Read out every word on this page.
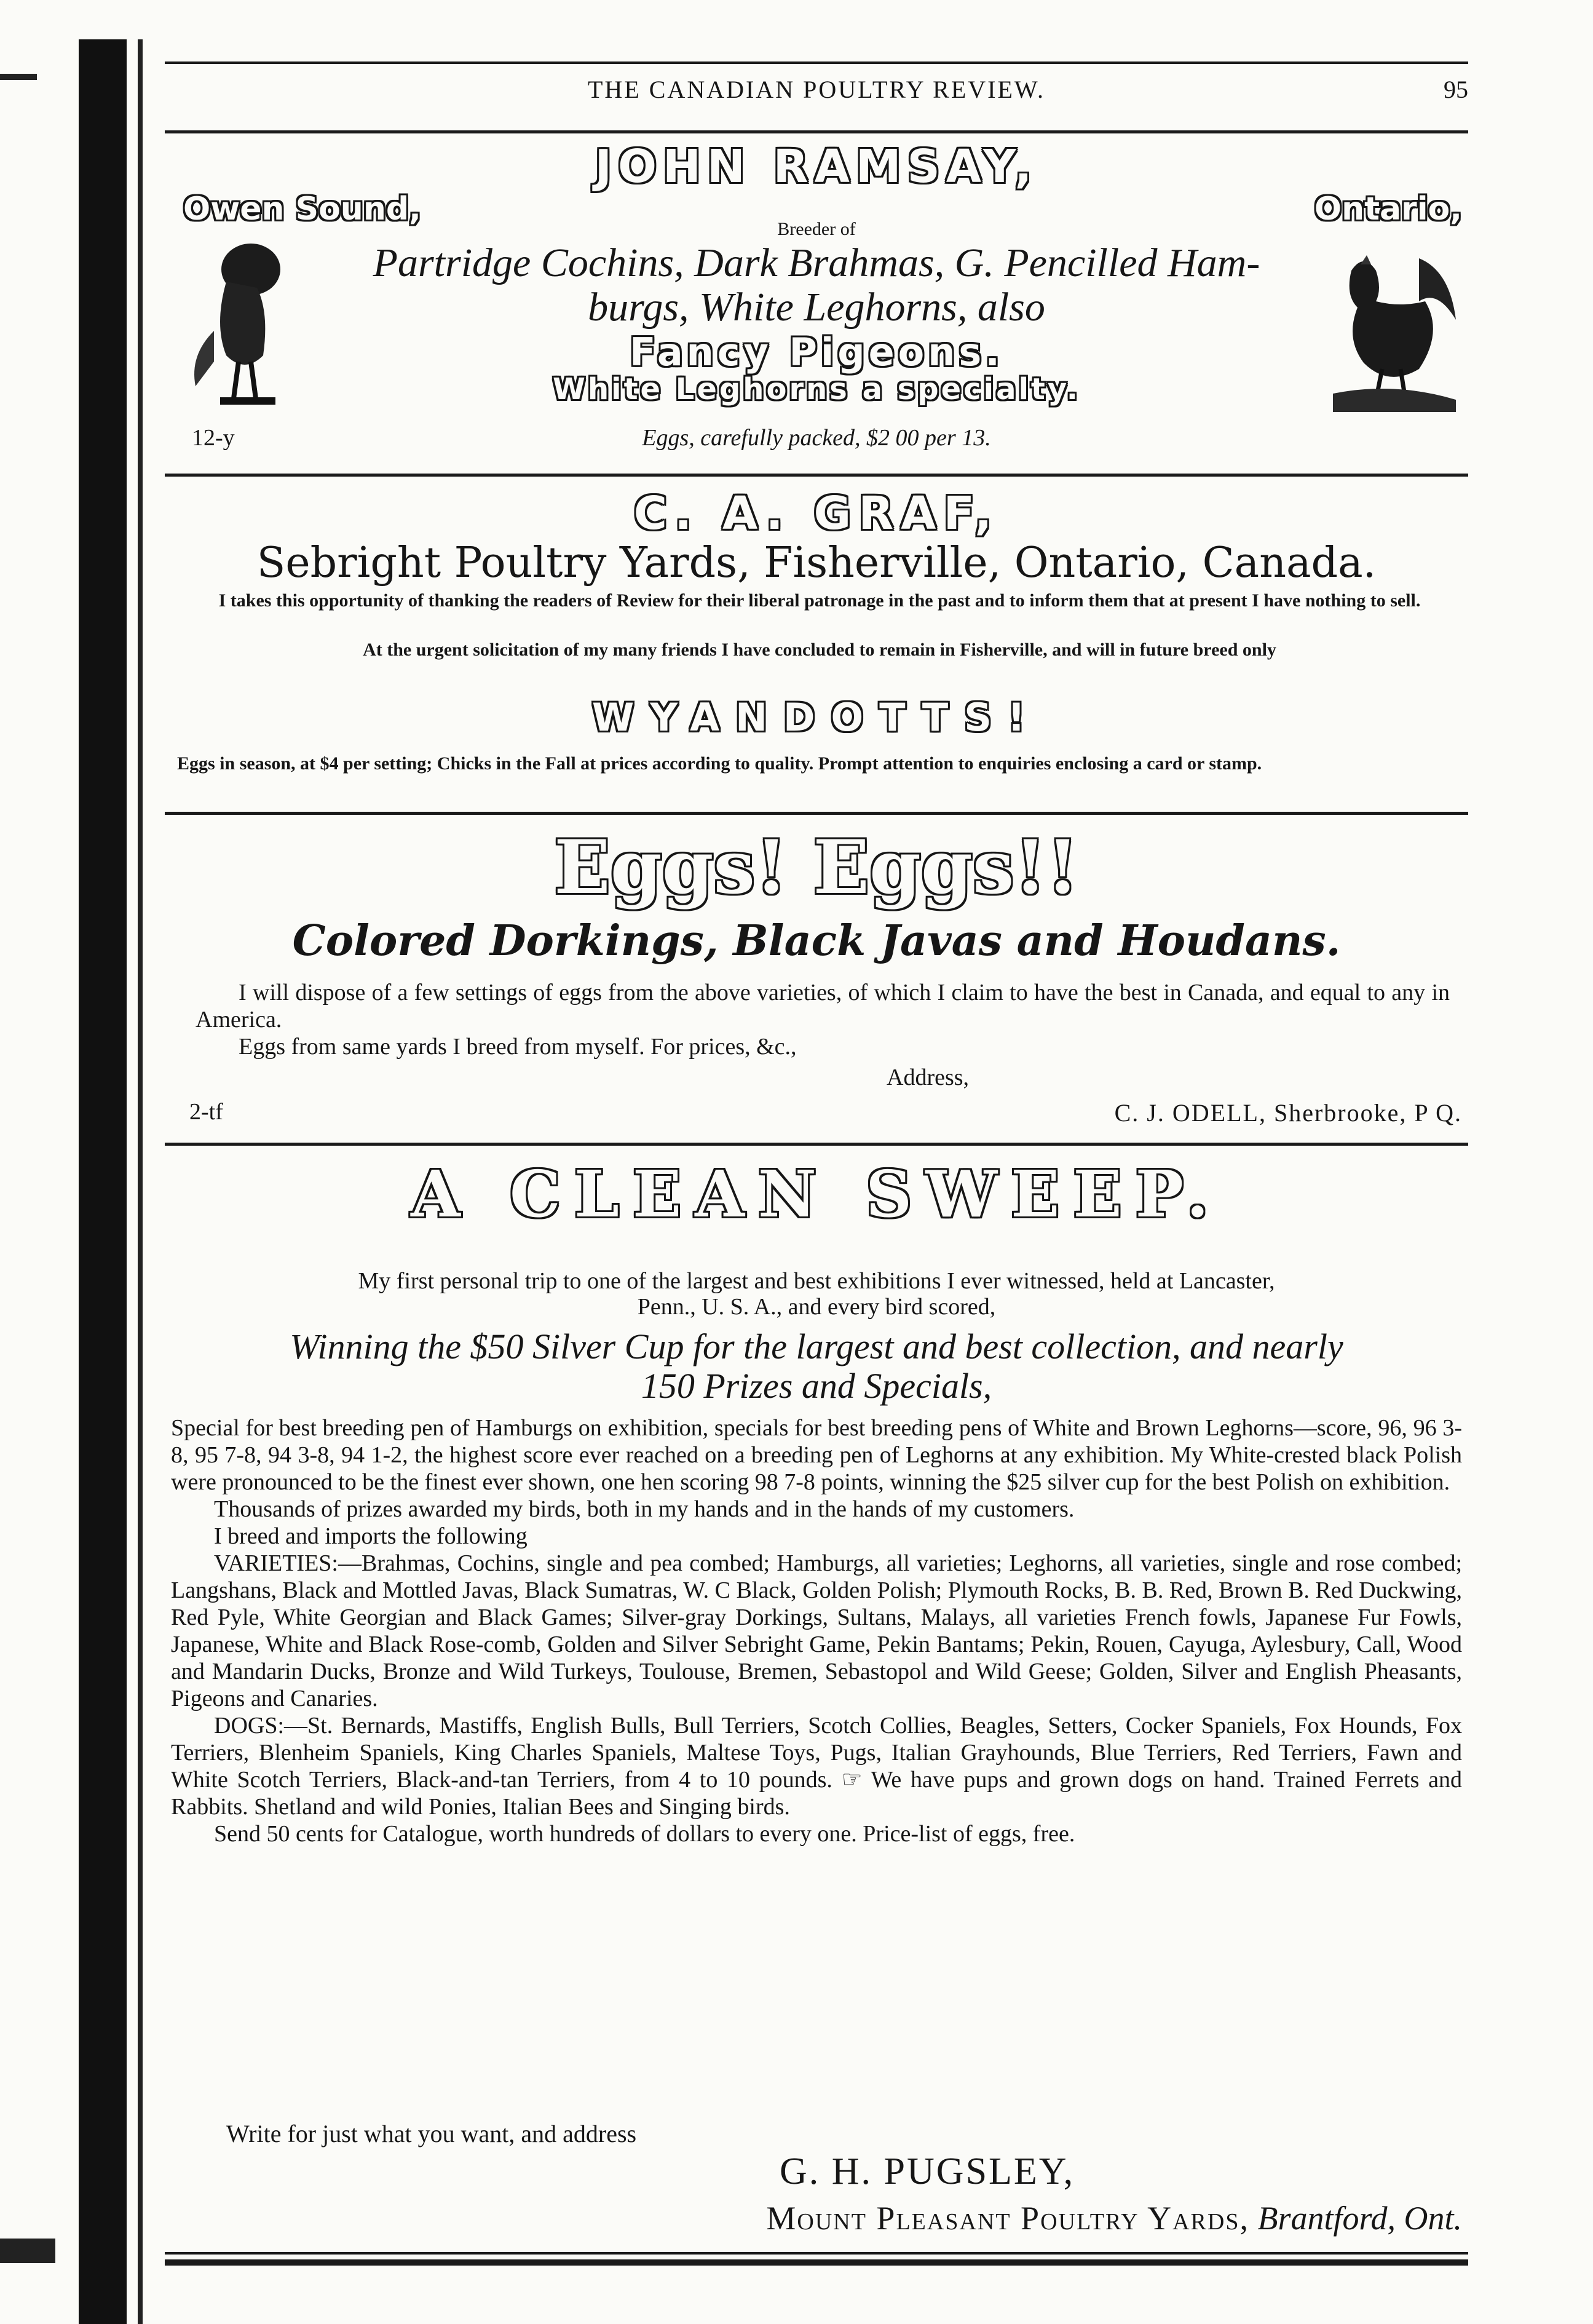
THE CANADIAN POULTRY REVIEW.	95
JOHN RAMSAY,
Owen Sound,	Ontario,
Breeder of
Partridge Cochins, Dark Brahmas, G. Pencilled Ham-
burgs, White Leghorns, also
Fancy Pigeons.
White Leghorns a specialty.
12-y	Eggs, carefully packed, $2 00 per 13.
C. A. GRAF,
Sebright Poultry Yards, Fisherville, Ontario, Canada.
I takes this opportunity of thanking the readers of Review for their liberal patronage in the past and to inform them that at present I have nothing to sell.
At the urgent solicitation of my many friends I have concluded to remain in Fisherville, and will in future breed only
WYANDOTTS!
Eggs in season, at $4 per setting; Chicks in the Fall at prices according to quality. Prompt attention to enquiries enclosing a card or stamp.
Eggs! Eggs!!
Colored Dorkings, Black Javas and Houdans.

I will dispose of a few settings of eggs from the above varieties, of which I claim to have the best in Canada, and equal to any in America.

Eggs from same yards I breed from myself. For prices, &c.,

Address,
2-tf	C. J. ODELL, Sherbrooke, P Q.
A CLEAN SWEEP.
My first personal trip to one of the largest and best exhibitions I ever witnessed, held at Lancaster, Penn., U. S. A., and every bird scored,
Winning the $50 Silver Cup for the largest and best collection, and nearly
150 Prizes and Specials,

Special for best breeding pen of Hamburgs on exhibition, specials for best breeding pens of White and Brown Leghorns—score, 96, 96 3-8, 95 7-8, 94 3-8, 94 1-2, the highest score ever reached on a breeding pen of Leghorns at any exhibition. My White-crested black Polish were pronounced to be the finest ever shown, one hen scoring 98 7-8 points, winning the $25 silver cup for the best Polish on exhibition.

Thousands of prizes awarded my birds, both in my hands and in the hands of my customers.

I breed and imports the following

VARIETIES:—Brahmas, Cochins, single and pea combed; Hamburgs, all varieties; Leghorns, all varieties, single and rose combed; Langshans, Black and Mottled Javas, Black Sumatras, W. C Black, Golden Polish; Plymouth Rocks, B. B. Red, Brown B. Red Duckwing, Red Pyle, White Georgian and Black Games; Silver-gray Dorkings, Sultans, Malays, all varieties French fowls, Japanese Fur Fowls, Japanese, White and Black Rose-comb, Golden and Silver Sebright Game, Pekin Bantams; Pekin, Rouen, Cayuga, Aylesbury, Call, Wood and Mandarin Ducks, Bronze and Wild Turkeys, Toulouse, Bremen, Sebastopol and Wild Geese; Golden, Silver and English Pheasants, Pigeons and Canaries.

DOGS:—St. Bernards, Mastiffs, English Bulls, Bull Terriers, Scotch Collies, Beagles, Setters, Cocker Spaniels, Fox Hounds, Fox Terriers, Blenheim Spaniels, King Charles Spaniels, Maltese Toys, Pugs, Italian Grayhounds, Blue Terriers, Red Terriers, Fawn and White Scotch Terriers, Black-and-tan Terriers, from 4 to 10 pounds. ☞ We have pups and grown dogs on hand. Trained Ferrets and Rabbits. Shetland and wild Ponies, Italian Bees and Singing birds.

Send 50 cents for Catalogue, worth hundreds of dollars to every one. Price-list of eggs, free.

Write for just what you want, and address
G. H. PUGSLEY,
Mount Pleasant Poultry Yards, Brantford, Ont.
